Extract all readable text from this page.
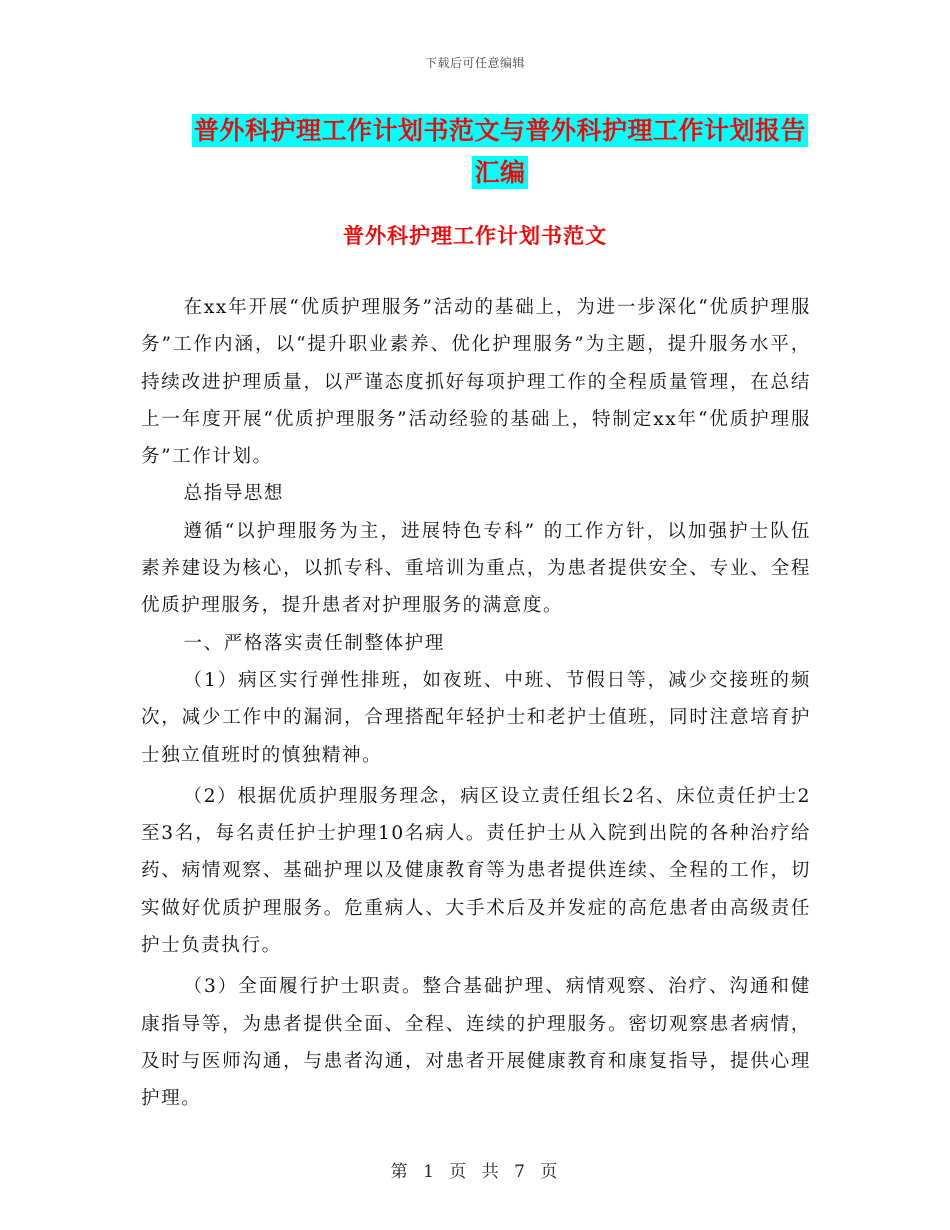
下载后可任意编辑
普外科护理工作计划书范文与普外科护理工作计划报告汇编
普外科护理工作计划书范文

在xx年开展“优质护理服务”活动的基础上，为进一步深化“优质护理服务”工作内涵，以“提升职业素养、优化护理服务”为主题，提升服务水平，持续改进护理质量，以严谨态度抓好每项护理工作的全程质量管理，在总结上一年度开展“优质护理服务”活动经验的基础上，特制定xx年“优质护理服务”工作计划。

总指导思想

遵循“以护理服务为主，进展特色专科” 的工作方针，以加强护士队伍素养建设为核心，以抓专科、重培训为重点，为患者提供安全、专业、全程优质护理服务，提升患者对护理服务的满意度。

一、严格落实责任制整体护理

（1）病区实行弹性排班，如夜班、中班、节假日等，减少交接班的频次，减少工作中的漏洞，合理搭配年轻护士和老护士值班，同时注意培育护士独立值班时的慎独精神。

（2）根据优质护理服务理念，病区设立责任组长2名、床位责任护士2至3名，每名责任护士护理10名病人。责任护士从入院到出院的各种治疗给药、病情观察、基础护理以及健康教育等为患者提供连续、全程的工作，切实做好优质护理服务。危重病人、大手术后及并发症的高危患者由高级责任护士负责执行。

（3）全面履行护士职责。整合基础护理、病情观察、治疗、沟通和健康指导等，为患者提供全面、全程、连续的护理服务。密切观察患者病情，及时与医师沟通，与患者沟通，对患者开展健康教育和康复指导，提供心理护理。

第 1 页 共 7 页
